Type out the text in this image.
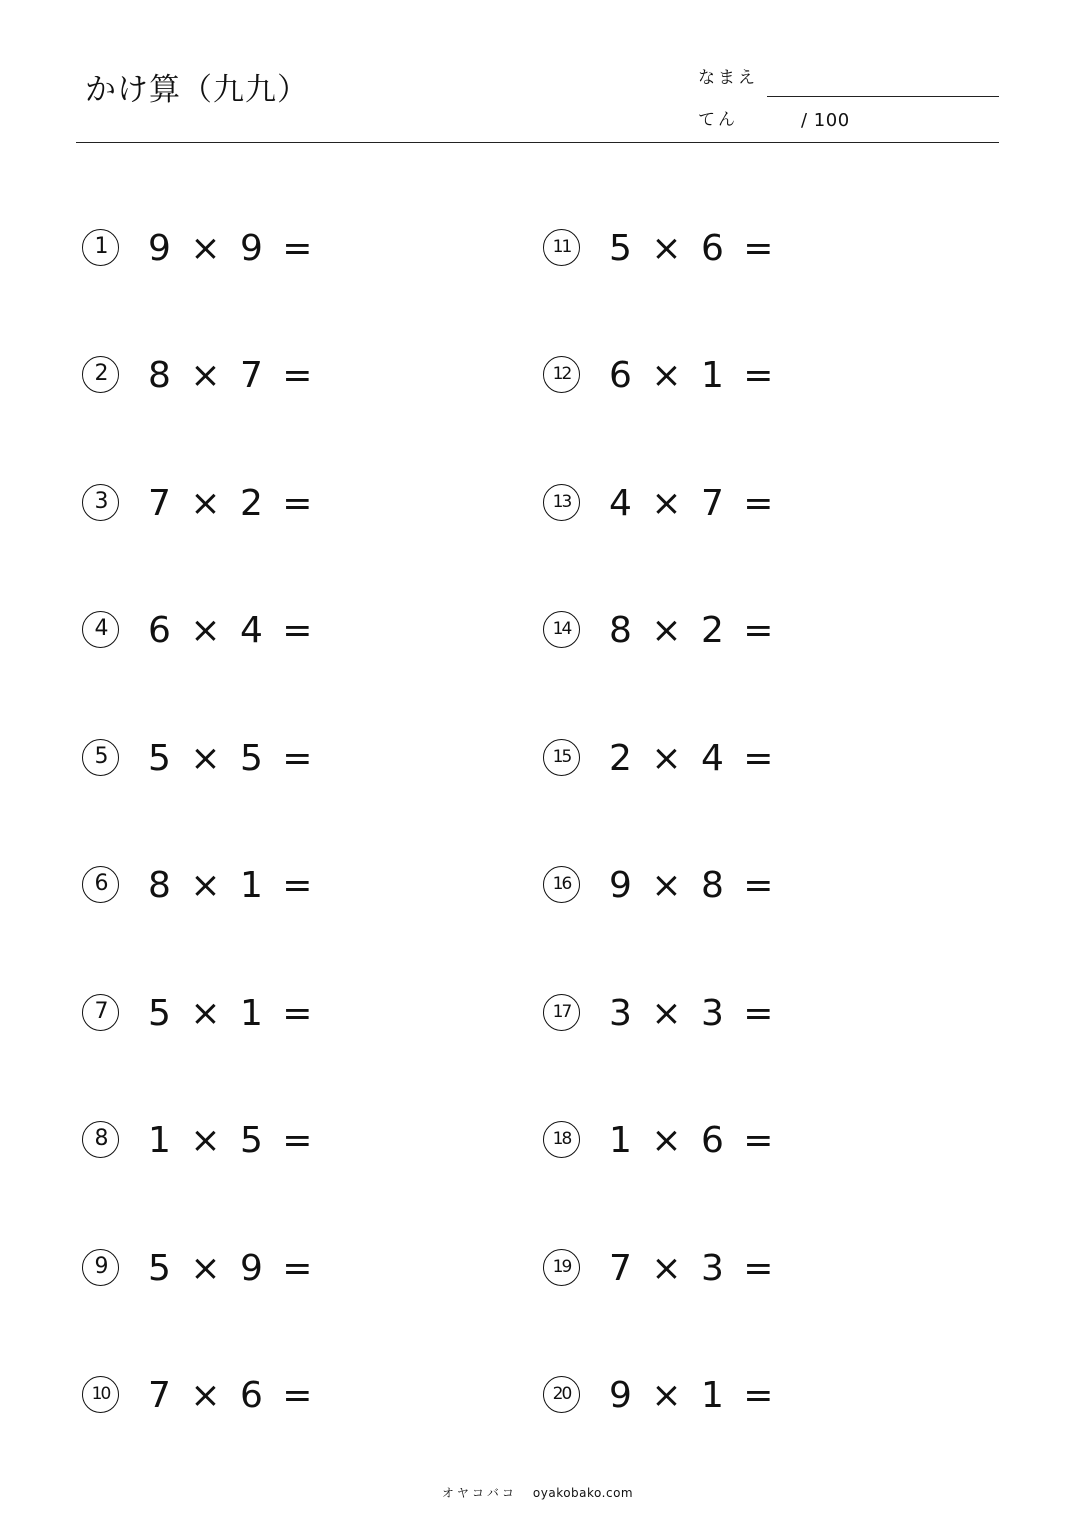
かけ算（九九）	なまえ
てん	/ 100
1	9 × 9 =
2	8 × 7 =
3	7 × 2 =
4	6 × 4 =
5	5 × 5 =
6	8 × 1 =
7	5 × 1 =
8	1 × 5 =
9	5 × 9 =
10 7 × 6 =
11 5 × 6 =
12 6 × 1 =
13 4 × 7 =
14 8 × 2 =
15 2 × 4 =
16 9 × 8 =
17 3 × 3 =
18 1 × 6 =
19 7 × 3 =
20 9 × 1 =
オヤコバコ oyakobako.com
